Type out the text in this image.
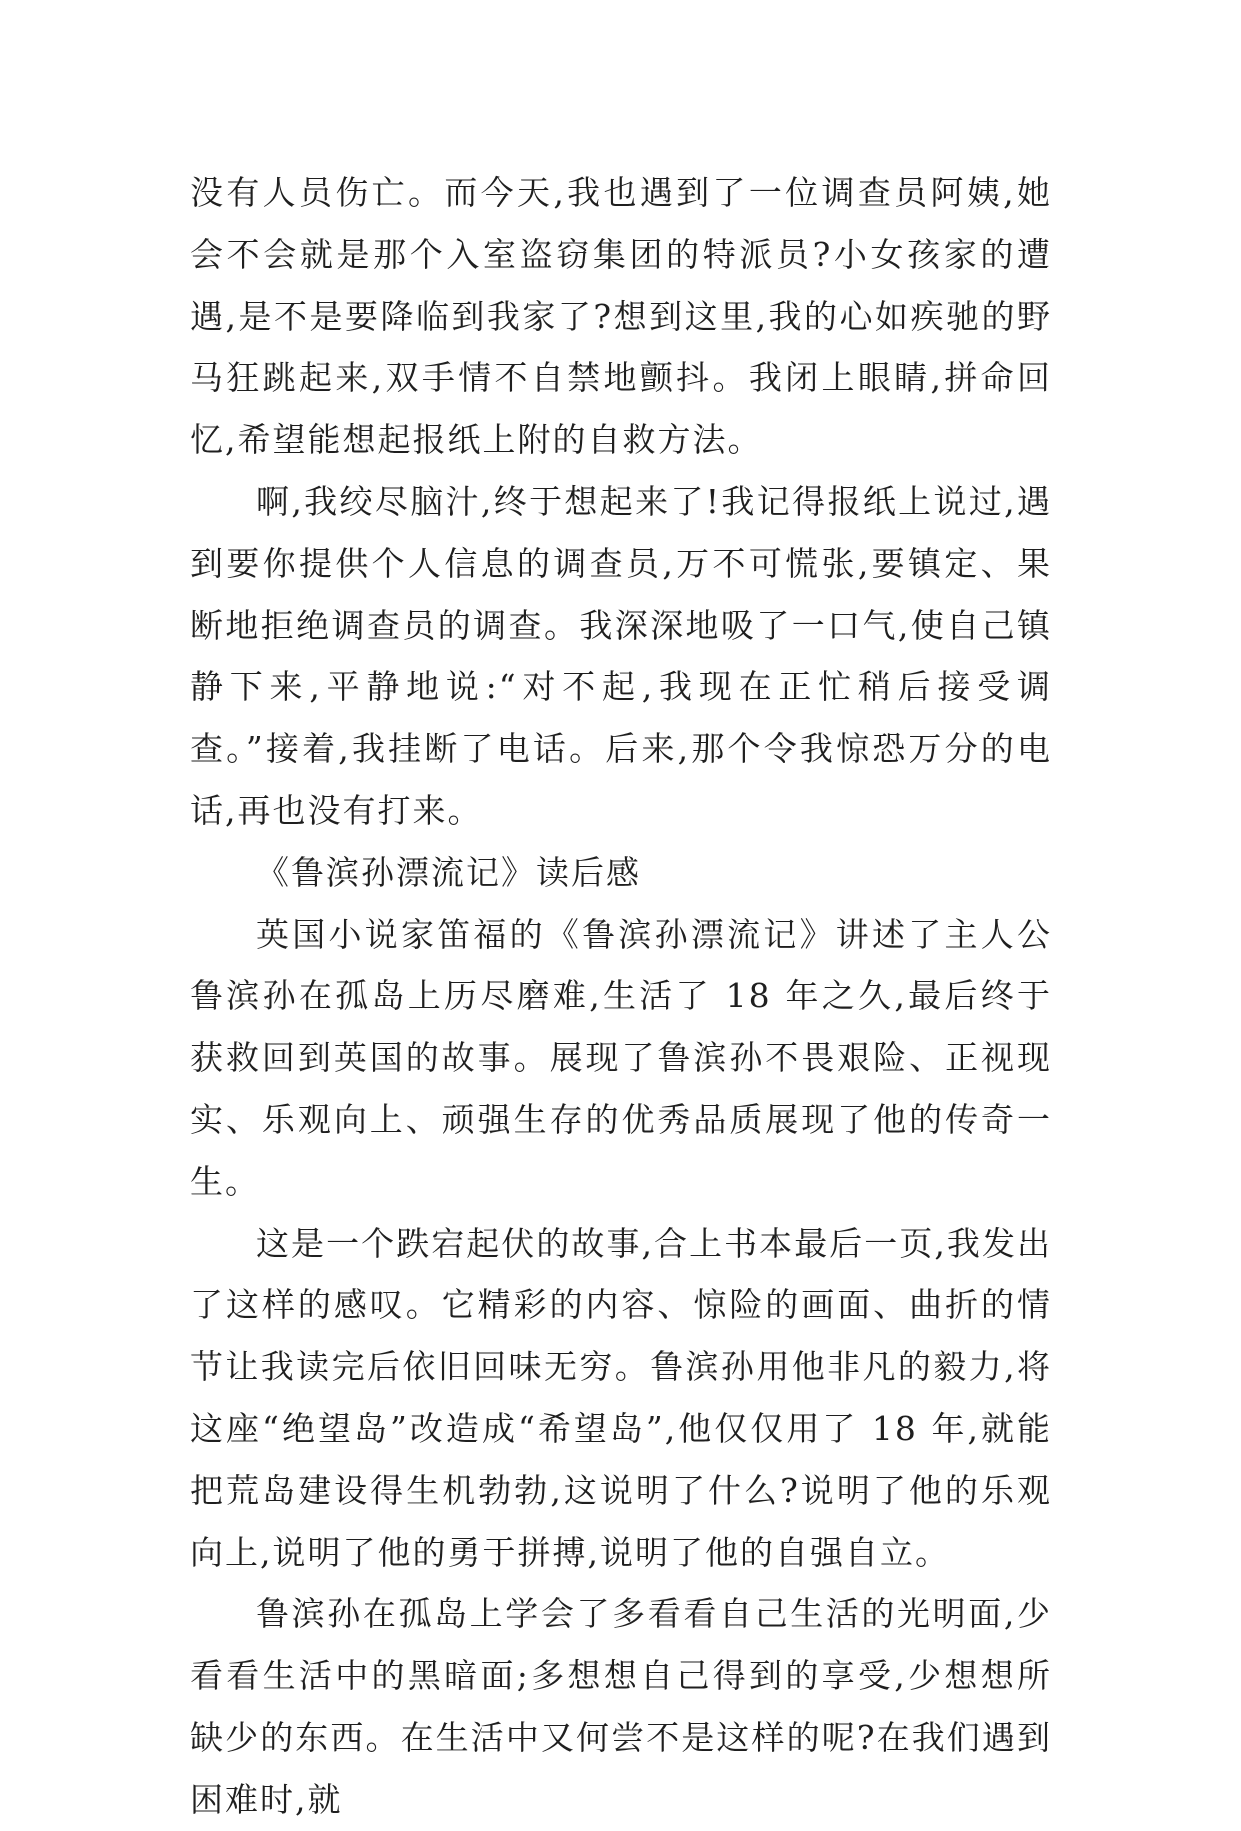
没有人员伤亡。而今天,我也遇到了一位调查员阿姨,她会不会就是那个入室盗窃集团的特派员?小女孩家的遭遇,是不是要降临到我家了?想到这里,我的心如疾驰的野马狂跳起来,双手情不自禁地颤抖。我闭上眼睛,拼命回忆,希望能想起报纸上附的自救方法。

啊,我绞尽脑汁,终于想起来了!我记得报纸上说过,遇到要你提供个人信息的调查员,万不可慌张,要镇定、果断地拒绝调查员的调查。我深深地吸了一口气,使自己镇静下来,平静地说:“对不起,我现在正忙稍后接受调查。”接着,我挂断了电话。后来,那个令我惊恐万分的电话,再也没有打来。

《鲁滨孙漂流记》读后感

英国小说家笛福的《鲁滨孙漂流记》讲述了主人公鲁滨孙在孤岛上历尽磨难,生活了 18 年之久,最后终于获救回到英国的故事。展现了鲁滨孙不畏艰险、正视现实、乐观向上、顽强生存的优秀品质展现了他的传奇一生。

这是一个跌宕起伏的故事,合上书本最后一页,我发出了这样的感叹。它精彩的内容、惊险的画面、曲折的情节让我读完后依旧回味无穷。鲁滨孙用他非凡的毅力,将这座“绝望岛”改造成“希望岛”,他仅仅用了 18 年,就能把荒岛建设得生机勃勃,这说明了什么?说明了他的乐观向上,说明了他的勇于拼搏,说明了他的自强自立。

鲁滨孙在孤岛上学会了多看看自己生活的光明面,少看看生活中的黑暗面;多想想自己得到的享受,少想想所缺少的东西。在生活中又何尝不是这样的呢?在我们遇到困难时,就
